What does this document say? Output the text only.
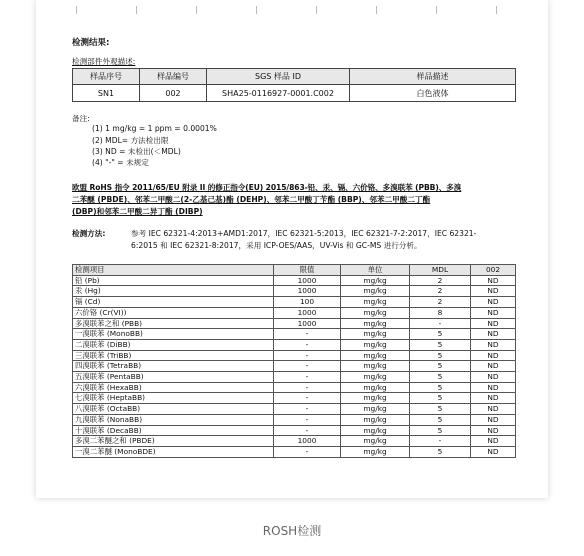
检测结果:
检测部件外观描述:
样品序号	样品编号	SGS 样品 ID	样品描述
SN1	002	SHA25-0116927-0001.C002	白色液体
备注:
(1) 1 mg/kg = 1 ppm = 0.0001%
(2) MDL= 方法检出限
(3) ND = 未检出(＜MDL)
(4) "-" = 未规定
欧盟 RoHS 指令 2011/65/EU 附录 II 的修正指令(EU) 2015/863-铅、汞、镉、六价铬、多溴联苯 (PBB)、多溴
二苯醚 (PBDE)、邻苯二甲酸二(2-乙基己基)酯 (DEHP)、邻苯二甲酸丁苄酯 (BBP)、邻苯二甲酸二丁酯
(DBP)和邻苯二甲酸二异丁酯 (DIBP)
检测方法:	参考 IEC 62321-4:2013+AMD1:2017，IEC 62321-5:2013，IEC 62321-7-2:2017，IEC 62321-
6:2015 和 IEC 62321-8:2017，采用 ICP-OES/AAS，UV-Vis 和 GC-MS 进行分析。
检测项目	限值	单位	MDL	002
铅 (Pb)	1000	mg/kg	2	ND
汞 (Hg)	1000	mg/kg	2	ND
镉 (Cd)	100	mg/kg	2	ND
六价铬 (Cr(VI))	1000	mg/kg	8	ND
多溴联苯之和 (PBB)	1000	mg/kg	-	ND
一溴联苯 (MonoBB)	-	mg/kg	5	ND
二溴联苯 (DiBB)	-	mg/kg	5	ND
三溴联苯 (TriBB)	-	mg/kg	5	ND
四溴联苯 (TetraBB)	-	mg/kg	5	ND
五溴联苯 (PentaBB)	-	mg/kg	5	ND
六溴联苯 (HexaBB)	-	mg/kg	5	ND
七溴联苯 (HeptaBB)	-	mg/kg	5	ND
八溴联苯 (OctaBB)	-	mg/kg	5	ND
九溴联苯 (NonaBB)	-	mg/kg	5	ND
十溴联苯 (DecaBB)	-	mg/kg	5	ND
多溴二苯醚之和 (PBDE)	1000	mg/kg	-	ND
一溴二苯醚 (MonoBDE)	-	mg/kg	5	ND
ROSH检测
